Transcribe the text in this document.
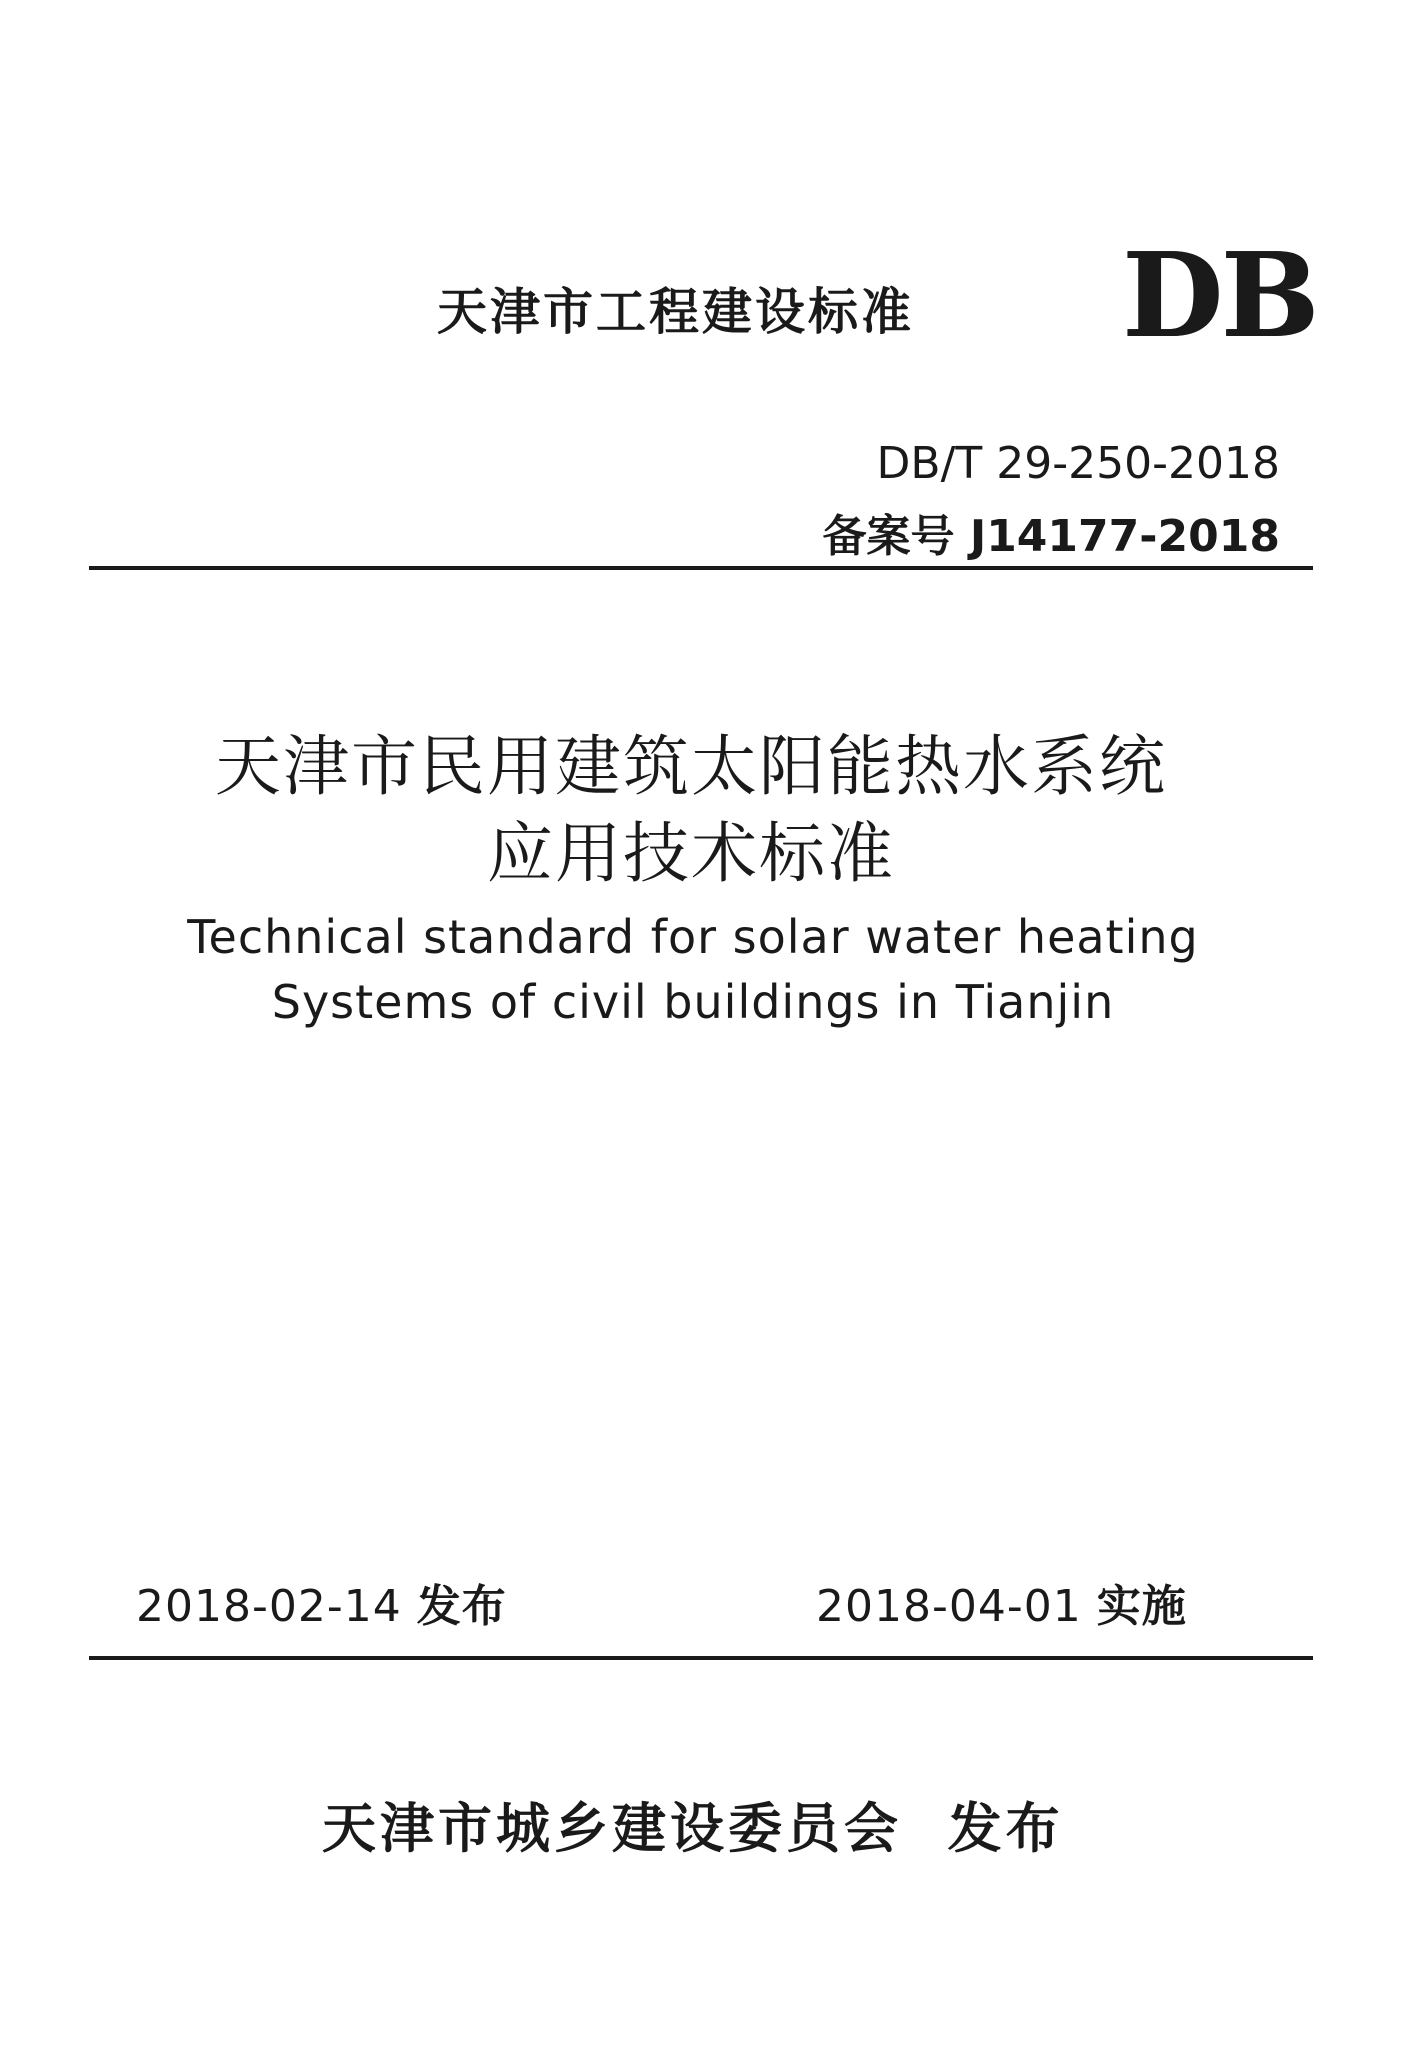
天津市工程建设标准 DB
DB/T 29-250-2018
备案号 J14177-2018
天津市民用建筑太阳能热水系统
应用技术标准
Technical standard for solar water heating
Systems of civil buildings in Tianjin
2018-02-14 发布	2018-04-01 实施
天津市城乡建设委员会 发布
